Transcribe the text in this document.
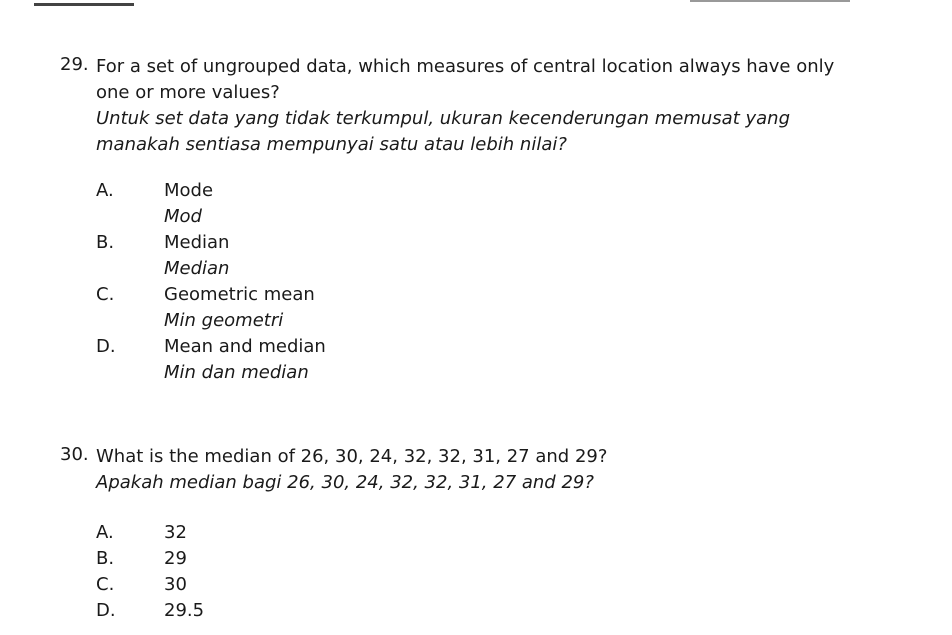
29. For a set of ungrouped data, which measures of central location always have only one or more values?
Untuk set data yang tidak terkumpul, ukuran kecenderungan memusat yang manakah sentiasa mempunyai satu atau lebih nilai?
A.	Mode
Mod
B.	Median
Median
C.	Geometric mean
Min geometri
D.	Mean and median
Min dan median
30. What is the median of 26, 30, 24, 32, 32, 31, 27 and 29?
Apakah median bagi 26, 30, 24, 32, 32, 31, 27 and 29?
A.	32
B.	29
C.	30
D.	29.5
